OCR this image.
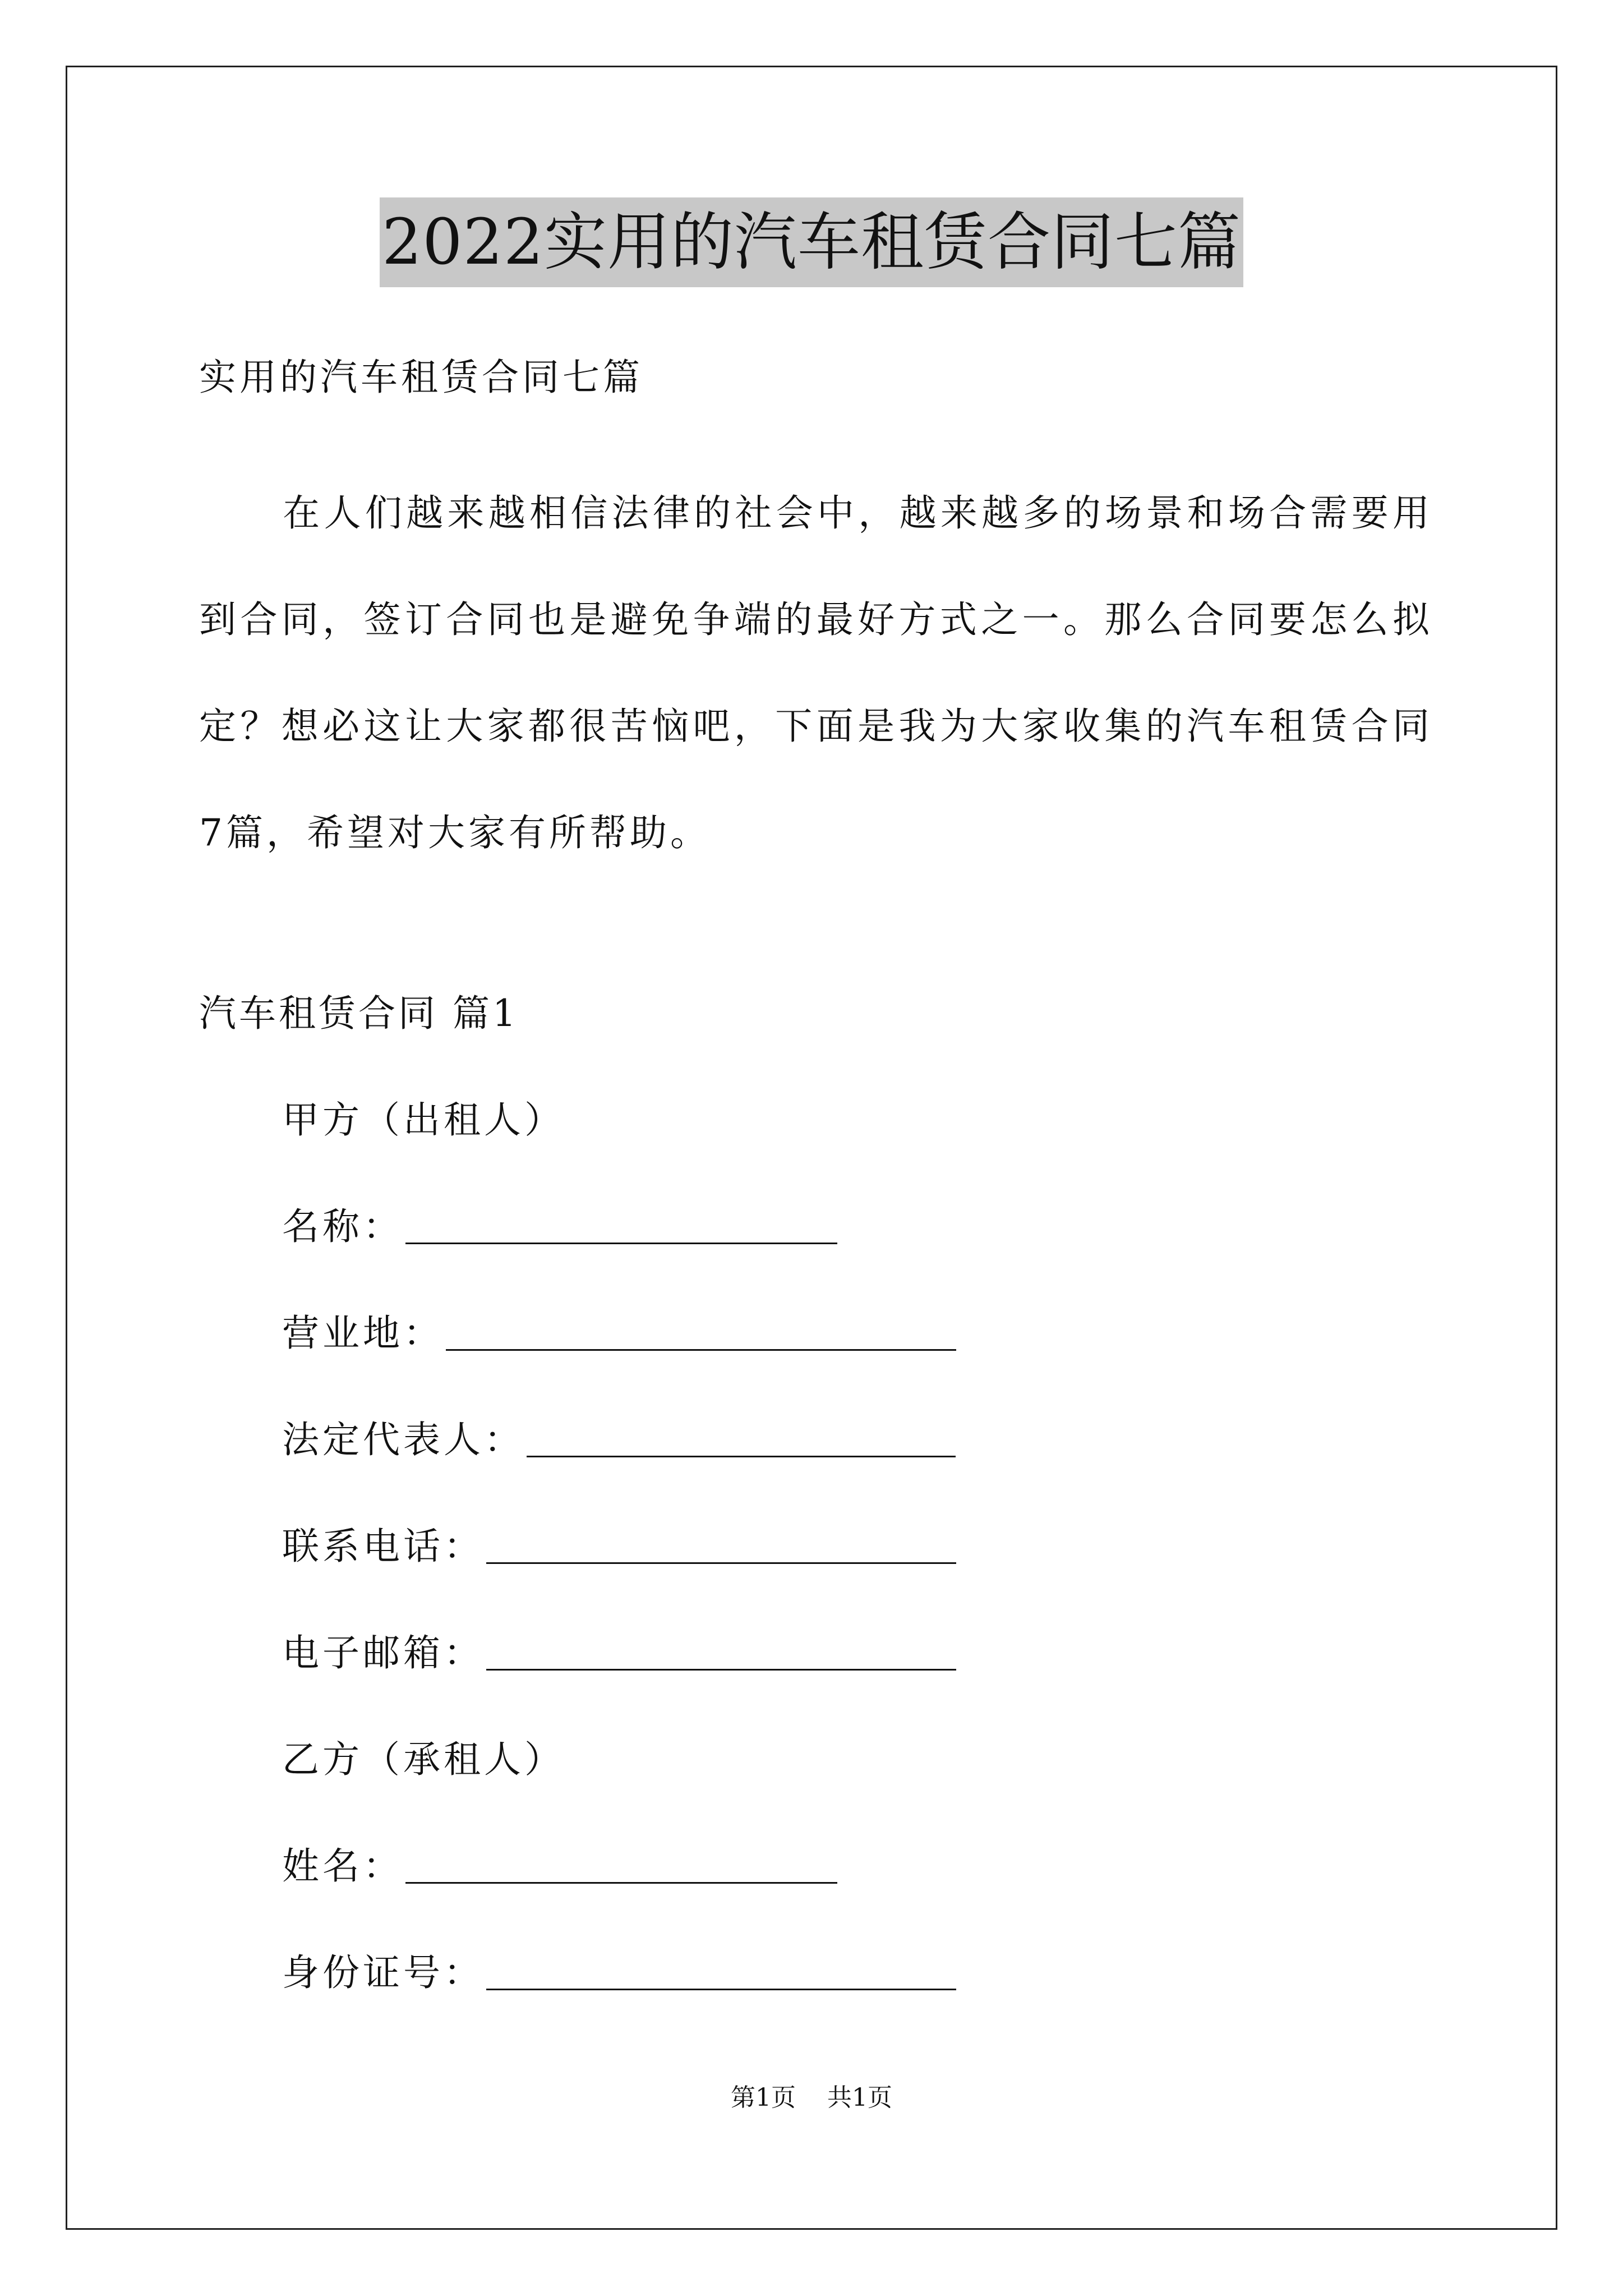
2022实用的汽车租赁合同七篇
实用的汽车租赁合同七篇
在人们越来越相信法律的社会中，越来越多的场景和场合需要用到合同，签订合同也是避免争端的最好方式之一。那么合同要怎么拟定？想必这让大家都很苦恼吧，下面是我为大家收集的汽车租赁合同7篇，希望对大家有所帮助。
汽车租赁合同 篇1
甲方（出租人）
名称：
营业地：
法定代表人：
联系电话：
电子邮箱：
乙方（承租人）
姓名：
身份证号：
第1页 共1页
